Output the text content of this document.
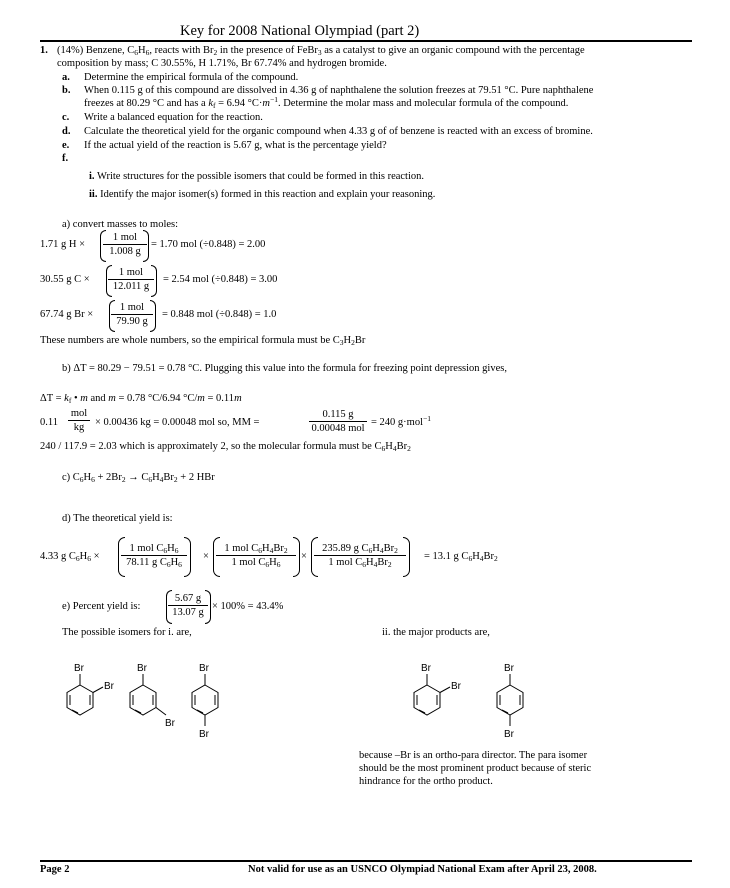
Key for 2008 National Olympiad (part 2)
1. (14%) Benzene, $C_6H_6$, reacts with $Br_2$ in the presence of FeBr$_3$ as a catalyst to give an organic compound with the percentage
composition by mass; C 30.55%, H 1.71%, Br 67.74% and hydrogen bromide.
a. Determine the empirical formula of the compound.
b. When 0.115 g of this compound are dissolved in 4.36 g of naphthalene the solution freezes at 79.51 °C. Pure naphthalene
freezes at 80.29 °C and has a $k_f = 6.94$ $^\circ C\cdot m^{-1}$. Determine the molar mass and molecular formula of the compound.
c. Write a balanced equation for the reaction.
d. Calculate the theoretical yield for the organic compound when 4.33 g of of benzene is reacted with an excess of bromine.
e. If the actual yield of the reaction is 5.67 g, what is the percentage yield?
f.
i. Write structures for the possible isomers that could be formed in this reaction.
ii. Identify the major isomer(s) formed in this reaction and explain your reasoning.
a) convert masses to moles:
1.71 g H ×
1 mol
1.008 g
= 1.70 mol (÷0.848) = 2.00
30.55 g C ×
1 mol
12.011 g
= 2.54 mol (÷0.848) = 3.00
67.74 g Br ×
1 mol
79.90 g
= 0.848 mol (÷0.848) = 1.0
These numbers are whole numbers, so the empirical formula must be $C_3H_2Br$
b) ΔT = 80.29 − 79.51 = 0.78 °C. Plugging this value into the formula for freezing point depression gives,
$\Delta T = k_f$ • m and m = 0.78 °C/6.94 °C/m = 0.11m
0.11
mol
kg	× 0.00436 kg = 0.00048 mol so, MM =
0.115 g
0.00048 mol
= 240 g·mol$^{-1}$
240 / 117.9 = 2.03 which is approximately 2, so the molecular formula must be $C_6H_4Br_2$
c) $C_6H_6 + 2Br_2 \to C_6H_4Br_2 + 2$ HBr
d) The theoretical yield is:
4.33 g $C_6H_6$ ×
1 mol $C_6H_6$
78.11 g $C_6H_6$
×
1 mol $C_6H_4Br_2$
1 mol $C_6H_6$
×
235.89 g $C_6H_4Br_2$
1 mol $C_6H_4Br_2$
= 13.1 g $C_6H_4Br_2$
e) Percent yield is:	$\frac{5.67 g}{13.07 g} \times 100\% = 43.4\%$
The possible isomers for i. are,	ii. the major products are,
Br
Br
Br
Br
Br
Br
Br
Br
Br
Br
because –Br is an ortho-para director. The para isomer
should be the most prominent product because of steric
hindrance for the ortho product.
Page 2	Not valid for use as an USNCO Olympiad National Exam after April 23, 2008.
